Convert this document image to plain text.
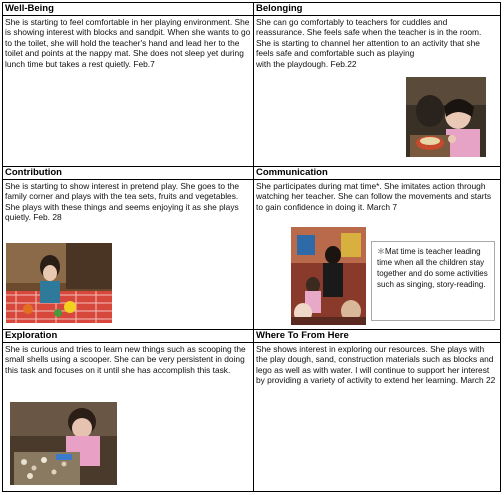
Well-Being
She is starting to feel comfortable in her playing environment. She is showing interest with blocks and sandpit. When she wants to go to the toilet, she will hold the teacher's hand and lead her to the toilet and points at the nappy mat. She does not sleep yet during lunch time but takes a rest quietly. Feb.7
Belonging
She can go comfortably to teachers for cuddles and reassurance. She feels safe when the teacher is in the room. She is starting to channel her attention to an activity that she feels safe and comfortable such as playing
with the playdough. Feb.22
Contribution
She is starting to show interest in pretend play. She goes to the family corner and plays with the tea sets, fruits and vegetables. She plays with these things and seems enjoying it as she plays quietly. Feb. 28
Communication
She participates during mat time*. She imitates action through watching her teacher. She can follow the movements and starts to gain confidence in doing it. March 7
＊Mat time is teacher leading time when all the children stay together and do some activities such as singing, story-reading.
Exploration
She is curious and tries to learn new things such as scooping the small shells using a scooper. She can be very persistent in doing this task and focuses on it until she has accomplish this task.
Where To From Here
She shows interest in exploring our resources. She plays with the play dough, sand, construction materials such as blocks and lego as well as with water. I will continue to support her interest by providing a variety of activity to extend her learning. March 22
